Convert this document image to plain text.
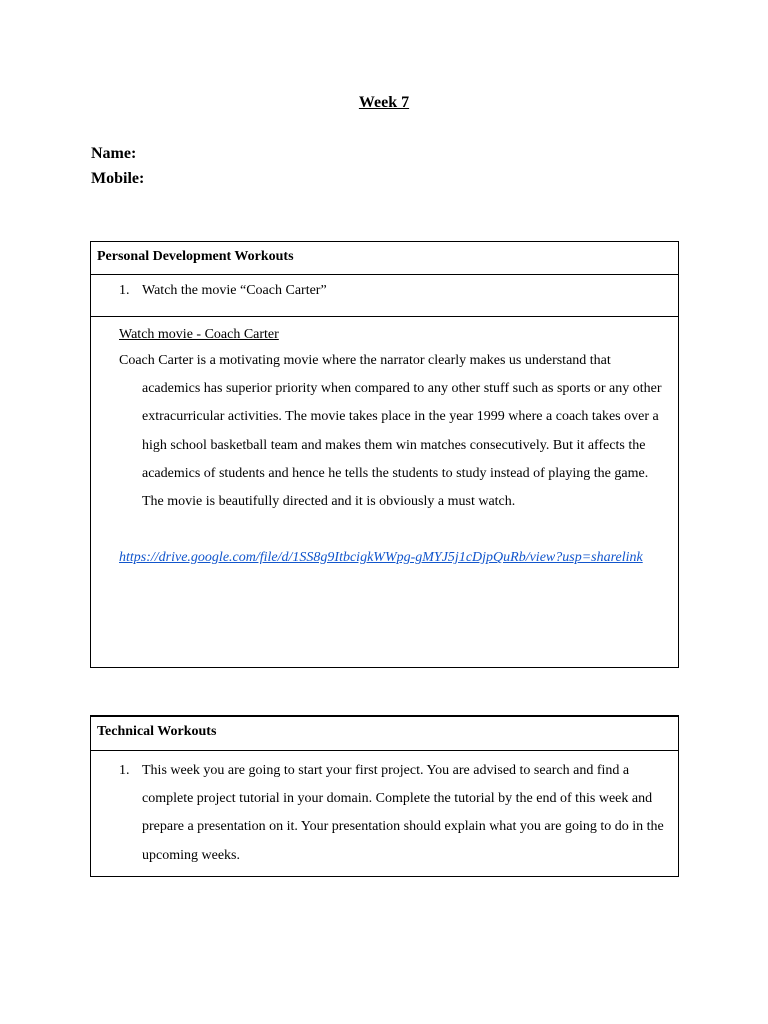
Week 7
Name:
Mobile:
Personal Development Workouts
1. Watch the movie “Coach Carter”
Watch movie - Coach Carter

Coach Carter is a motivating movie where the narrator clearly makes us understand that academics has superior priority when compared to any other stuff such as sports or any other extracurricular activities. The movie takes place in the year 1999 where a coach takes over a high school basketball team and makes them win matches consecutively. But it affects the academics of students and hence he tells the students to study instead of playing the game. The movie is beautifully directed and it is obviously a must watch.

https://drive.google.com/file/d/1SS8g9ItbcigkWWpg-gMYJ5j1cDjpQuRb/view?usp=sharelink

Technical Workouts
1. This week you are going to start your first project. You are advised to search and find a complete project tutorial in your domain. Complete the tutorial by the end of this week and prepare a presentation on it. Your presentation should explain what you are going to do in the upcoming weeks.
